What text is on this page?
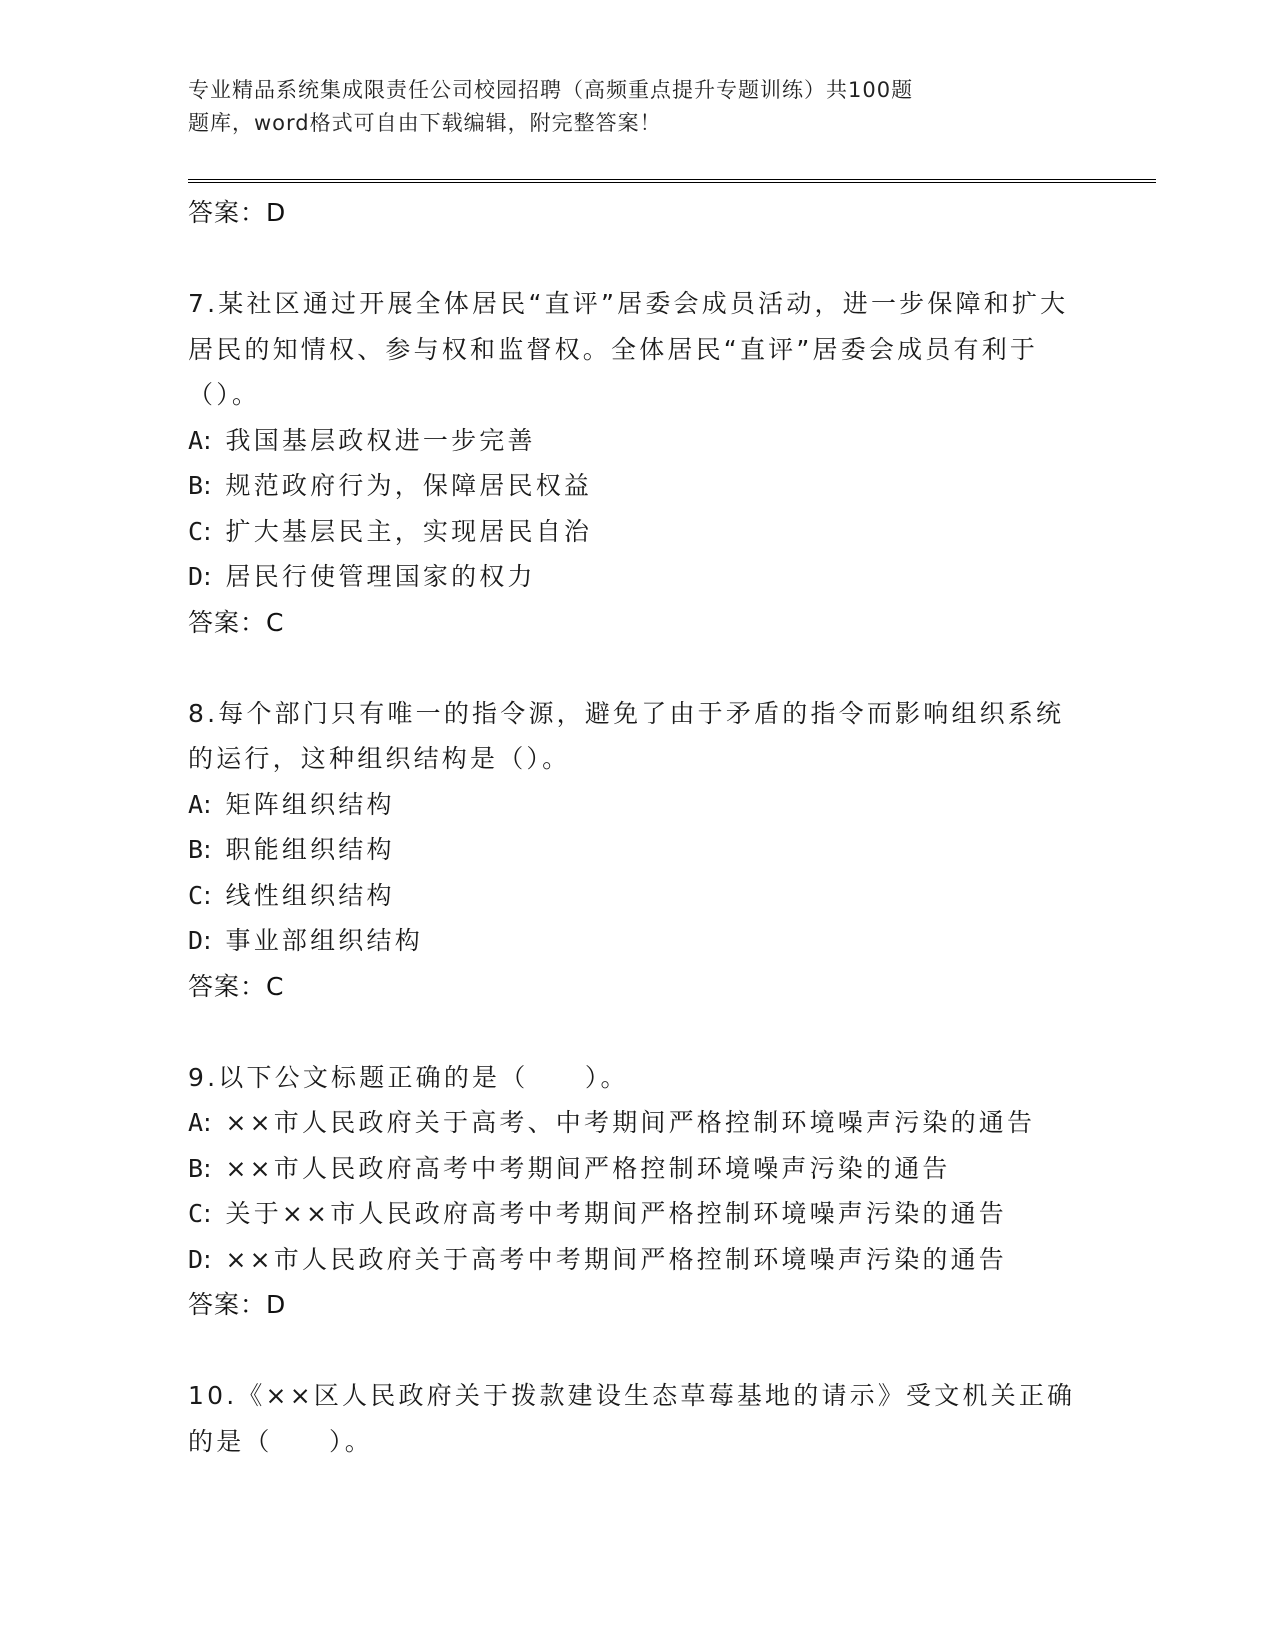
专业精品系统集成限责任公司校园招聘（高频重点提升专题训练）共100题
题库，word格式可自由下载编辑，附完整答案！
答案：D
7.某社区通过开展全体居民“直评”居委会成员活动，进一步保障和扩大居民的知情权、参与权和监督权。全体居民“直评”居委会成员有利于（）。
A: 我国基层政权进一步完善
B: 规范政府行为，保障居民权益
C: 扩大基层民主，实现居民自治
D: 居民行使管理国家的权力
答案：C
8.每个部门只有唯一的指令源，避免了由于矛盾的指令而影响组织系统的运行，这种组织结构是（）。
A: 矩阵组织结构
B: 职能组织结构
C: 线性组织结构
D: 事业部组织结构
答案：C
9.以下公文标题正确的是（　　）。
A: ××市人民政府关于高考、中考期间严格控制环境噪声污染的通告
B: ××市人民政府高考中考期间严格控制环境噪声污染的通告
C: 关于××市人民政府高考中考期间严格控制环境噪声污染的通告
D: ××市人民政府关于高考中考期间严格控制环境噪声污染的通告
答案：D
10.《××区人民政府关于拨款建设生态草莓基地的请示》受文机关正确的是（　　）。
